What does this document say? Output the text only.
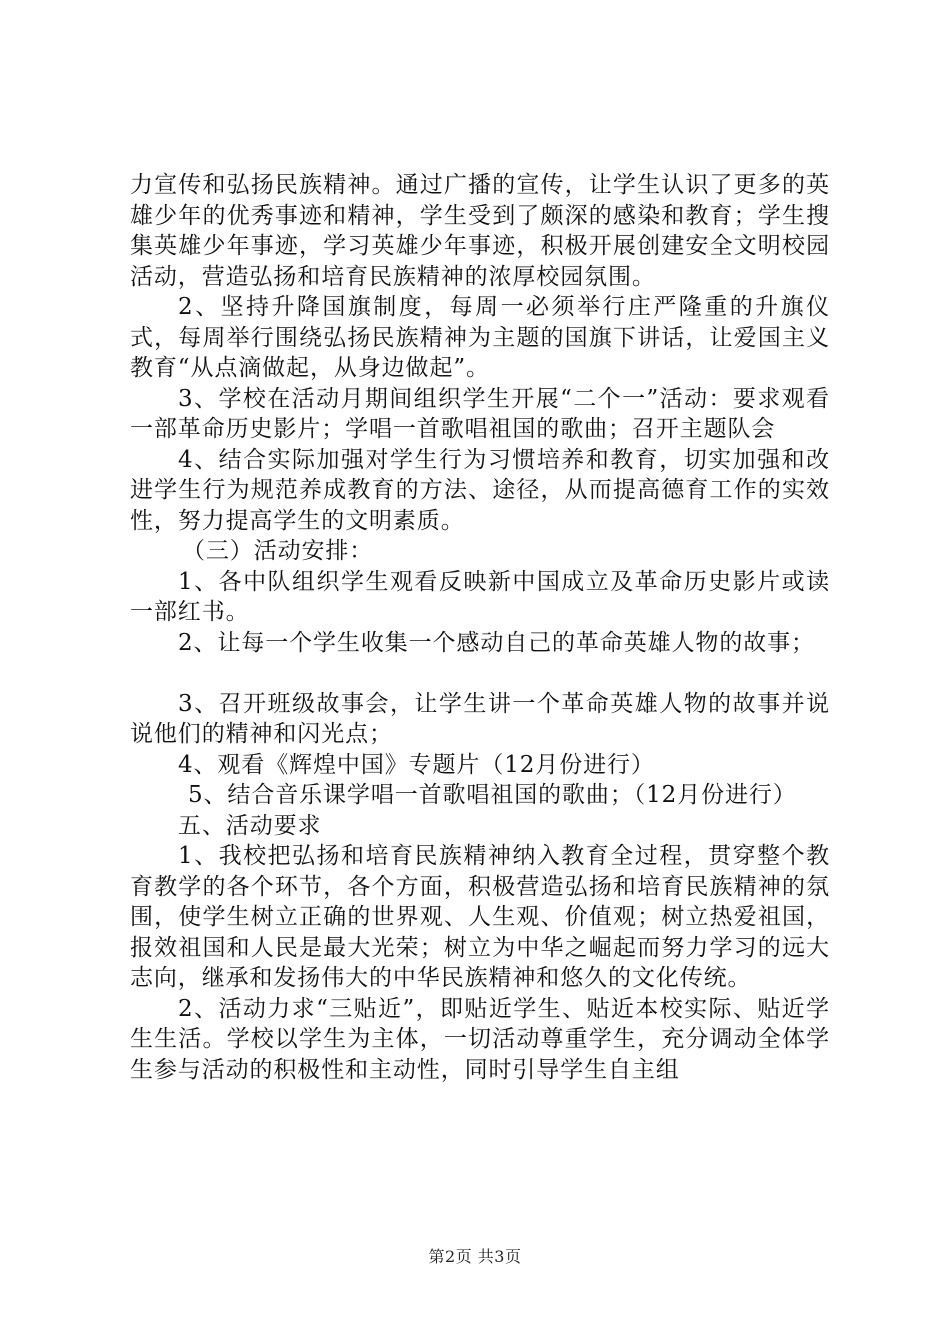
力宣传和弘扬民族精神。通过广播的宣传，让学生认识了更多的英雄少年的优秀事迹和精神，学生受到了颇深的感染和教育；学生搜集英雄少年事迹，学习英雄少年事迹，积极开展创建安全文明校园活动，营造弘扬和培育民族精神的浓厚校园氛围。

2、坚持升降国旗制度，每周一必须举行庄严隆重的升旗仪式，每周举行围绕弘扬民族精神为主题的国旗下讲话，让爱国主义教育“从点滴做起，从身边做起”。

3、学校在活动月期间组织学生开展“二个一”活动：要求观看一部革命历史影片；学唱一首歌唱祖国的歌曲；召开主题队会

4、结合实际加强对学生行为习惯培养和教育，切实加强和改进学生行为规范养成教育的方法、途径，从而提高德育工作的实效性，努力提高学生的文明素质。

（三）活动安排：

1、各中队组织学生观看反映新中国成立及革命历史影片或读一部红书。

2、让每一个学生收集一个感动自己的革命英雄人物的故事；

3、召开班级故事会，让学生讲一个革命英雄人物的故事并说说他们的精神和闪光点；

4、观看《辉煌中国》专题片（12月份进行）

5、结合音乐课学唱一首歌唱祖国的歌曲；（12月份进行）

五、活动要求

1、我校把弘扬和培育民族精神纳入教育全过程，贯穿整个教育教学的各个环节，各个方面，积极营造弘扬和培育民族精神的氛围，使学生树立正确的世界观、人生观、价值观；树立热爱祖国，报效祖国和人民是最大光荣；树立为中华之崛起而努力学习的远大志向，继承和发扬伟大的中华民族精神和悠久的文化传统。

2、活动力求“三贴近”，即贴近学生、贴近本校实际、贴近学生生活。学校以学生为主体，一切活动尊重学生，充分调动全体学生参与活动的积极性和主动性，同时引导学生自主组

第2页 共3页
